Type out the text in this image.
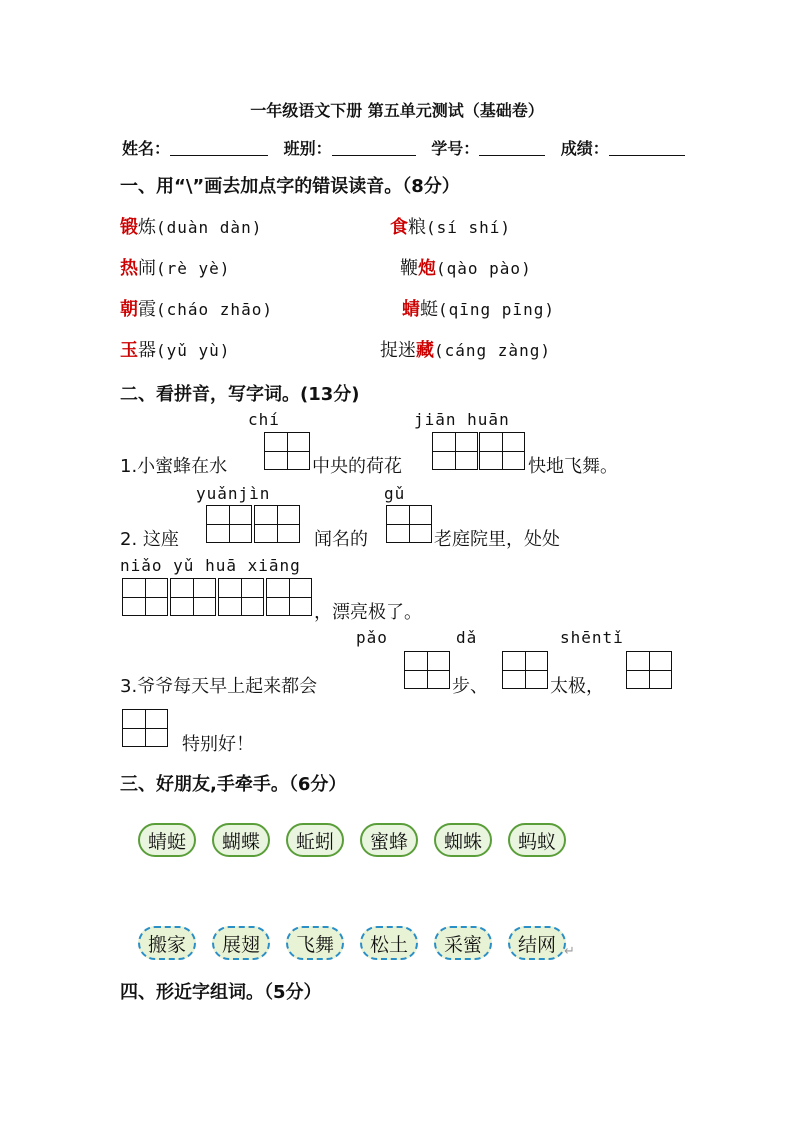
一年级语文下册 第五单元测试（基础卷）
姓名：	班别：	学号：	成绩：
一、用“\”画去加点字的错误读音。（8分）
锻炼(duàn dàn)	食粮(sí shí)
热闹(rè yè)	鞭炮(qào pào)
朝霞(cháo zhāo)	蜻蜓(qīng pīng)
玉器(yǔ yù)	捉迷藏(cáng zàng)
二、看拼音，写字词。(13分)
chí	jiān huān
1.小蜜蜂在水	中央的荷花	快地飞舞。
yuǎnjìn	gǔ
2. 这座	闻名的	老庭院里，处处
niǎo yǔ huā xiāng
，漂亮极了。
pǎo	dǎ	shēntǐ
3.爷爷每天早上起来都会	步、	太极，
特别好！
三、好朋友,手牵手。（6分）
蜻蜓	蝴蝶	蚯蚓	蜜蜂	蜘蛛	蚂蚁
搬家	展翅	飞舞	松土	采蜜	结网 ↵
四、形近字组词。（5分）
